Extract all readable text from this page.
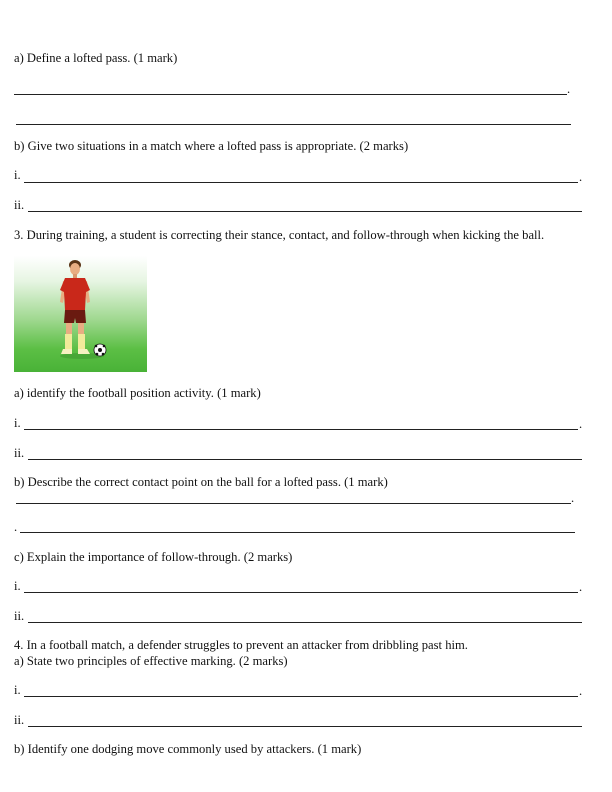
a) Define a lofted pass. (1 mark)
.
b) Give two situations in a match where a lofted pass is appropriate. (2 marks)
i.	.
ii.
3. During training, a student is correcting their stance, contact, and follow-through when kicking the ball.
a) identify the football position activity. (1 mark)
i.	.
ii.
b) Describe the correct contact point on the ball for a lofted pass. (1 mark)
.
.
c) Explain the importance of follow-through. (2 marks)
i.	.
ii.
4. In a football match, a defender struggles to prevent an attacker from dribbling past him.
a) State two principles of effective marking. (2 marks)
i.	.
ii.
b) Identify one dodging move commonly used by attackers. (1 mark)
